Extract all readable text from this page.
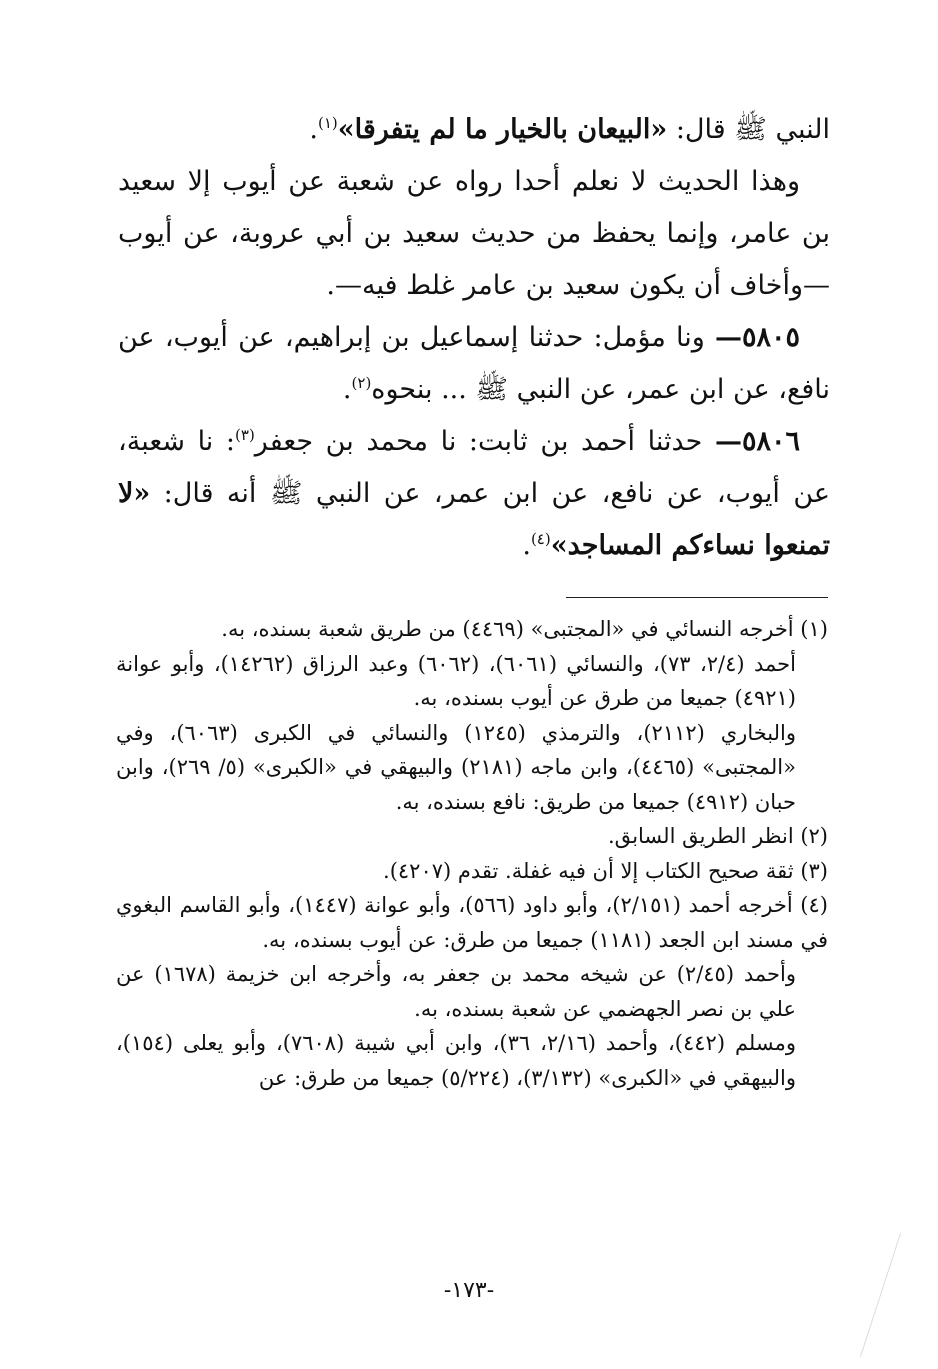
النبي ﷺ قال: «البيعان بالخيار ما لم يتفرقا»$^{(١)}$.

وهذا الحديث لا نعلم أحدا رواه عن شعبة عن أيوب إلا سعيد بن عامر، وإنما يحفظ من حديث سعيد بن أبي عروبة، عن أيوب —وأخاف أن يكون سعيد بن عامر غلط فيه—.

٥٨٠٥— ونا مؤمل: حدثنا إسماعيل بن إبراهيم، عن أيوب، عن نافع، عن ابن عمر، عن النبي ﷺ ... بنحوه$^{(٢)}$.

٥٨٠٦— حدثنا أحمد بن ثابت: نا محمد بن جعفر$^{(٣)}$: نا شعبة، عن أيوب، عن نافع، عن ابن عمر، عن النبي ﷺ أنه قال: «لا تمنعوا نساءكم المساجد»$^{(٤)}$.

(١) أخرجه النسائي في «المجتبى» (٤٤٦٩) من طريق شعبة بسنده، به.

أحمد (٢/٤، ٧٣)، والنسائي (٦٠٦١)، (٦٠٦٢) وعبد الرزاق (١٤٢٦٢)، وأبو عوانة (٤٩٢١) جميعا من طرق عن أيوب بسنده، به.

والبخاري (٢١١٢)، والترمذي (١٢٤٥) والنسائي في الكبرى (٦٠٦٣)، وفي «المجتبى» (٤٤٦٥)، وابن ماجه (٢١٨١) والبيهقي في «الكبرى» (٥/ ٢٦٩)، وابن حبان (٤٩١٢) جميعا من طريق: نافع بسنده، به.

(٢) انظر الطريق السابق.

(٣) ثقة صحيح الكتاب إلا أن فيه غفلة. تقدم (٤٢٠٧).

(٤) أخرجه أحمد (٢/١٥١)، وأبو داود (٥٦٦)، وأبو عوانة (١٤٤٧)، وأبو القاسم البغوي في مسند ابن الجعد (١١٨١) جميعا من طرق: عن أيوب بسنده، به.

وأحمد (٢/٤٥) عن شيخه محمد بن جعفر به، وأخرجه ابن خزيمة (١٦٧٨) عن علي بن نصر الجهضمي عن شعبة بسنده، به.

ومسلم (٤٤٢)، وأحمد (٢/١٦، ٣٦)، وابن أبي شيبة (٧٦٠٨)، وأبو يعلى (١٥٤)، والبيهقي في «الكبرى» (٣/١٣٢)، (٥/٢٢٤) جميعا من طرق: عن

-١٧٣-
